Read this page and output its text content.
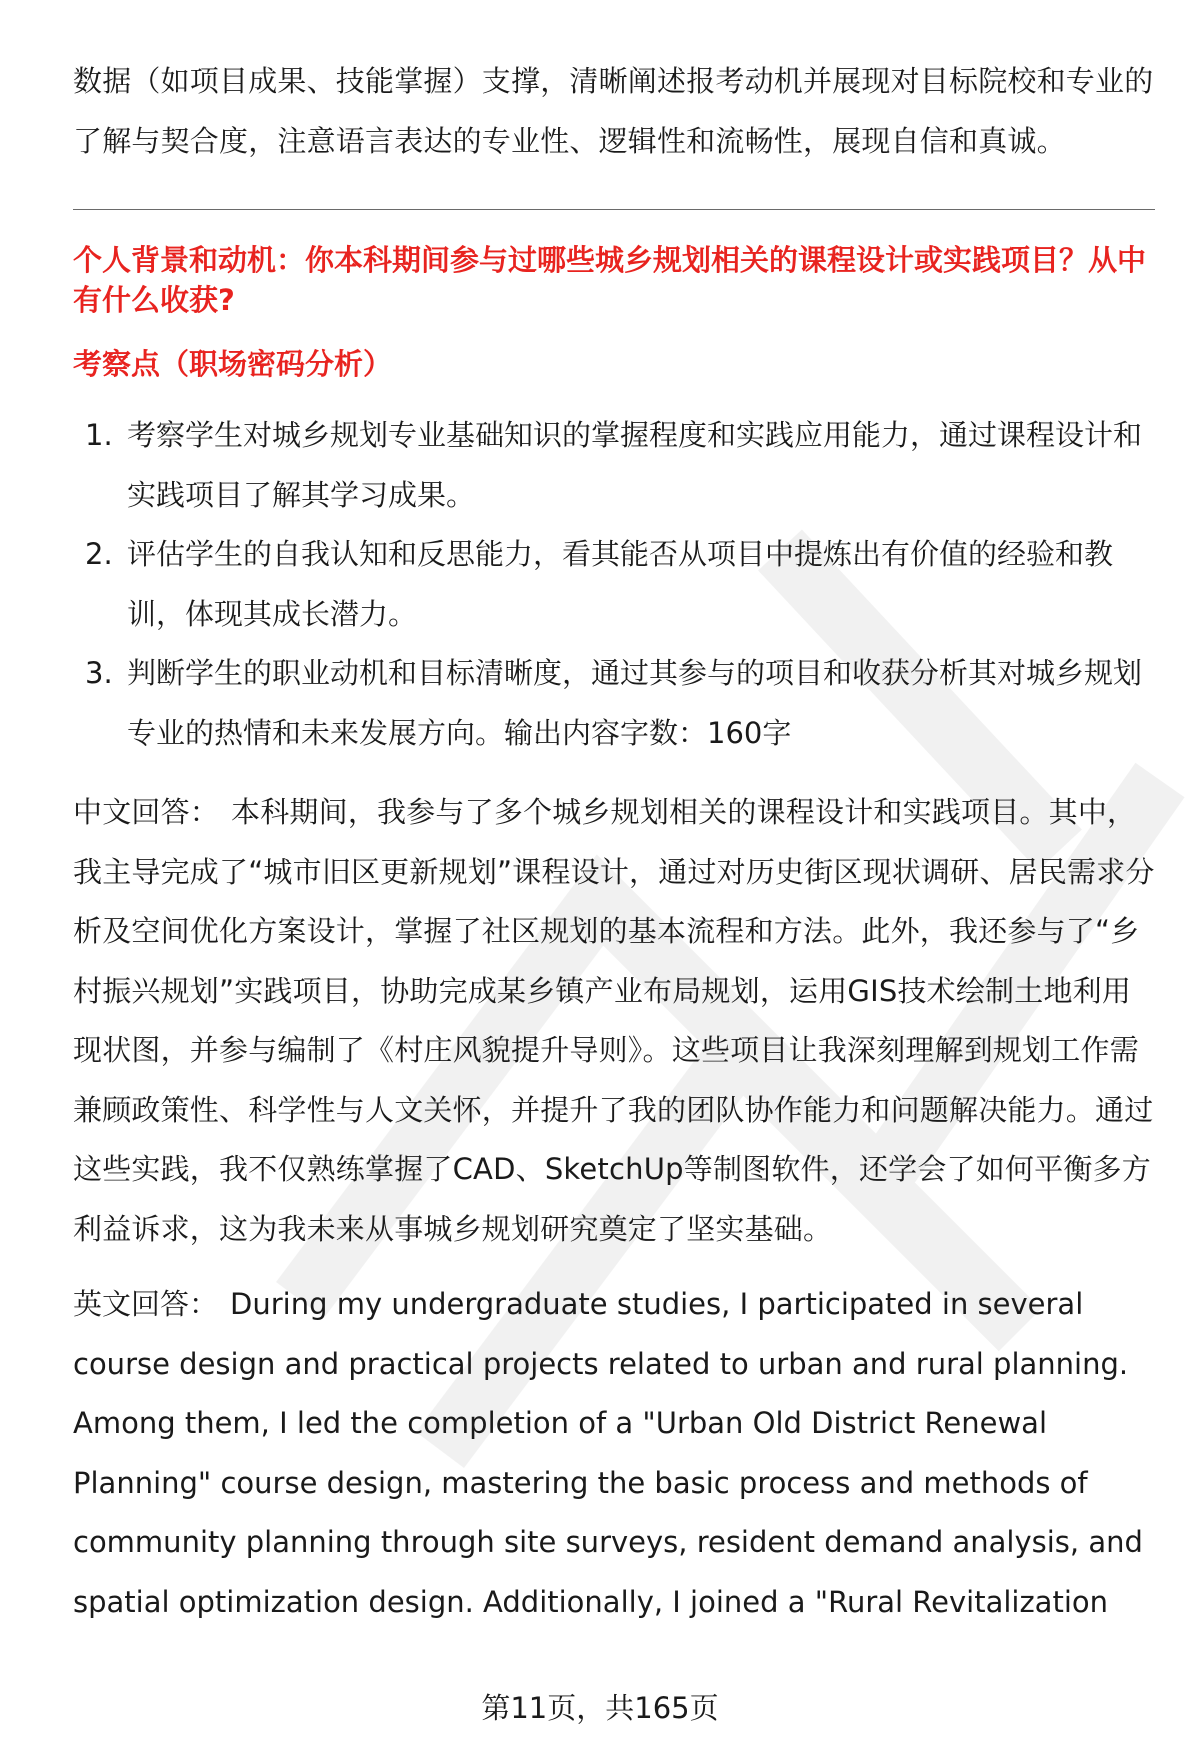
数据（如项目成果、技能掌握）支撑，清晰阐述报考动机并展现对目标院校和专业的了解与契合度，注意语言表达的专业性、逻辑性和流畅性，展现自信和真诚。

个人背景和动机：你本科期间参与过哪些城乡规划相关的课程设计或实践项目？从中有什么收获?
考察点（职场密码分析）
1. 考察学生对城乡规划专业基础知识的掌握程度和实践应用能力，通过课程设计和实践项目了解其学习成果。
2. 评估学生的自我认知和反思能力，看其能否从项目中提炼出有价值的经验和教训，体现其成长潜力。
3. 判断学生的职业动机和目标清晰度，通过其参与的项目和收获分析其对城乡规划专业的热情和未来发展方向。输出内容字数：160字

中文回答： 本科期间，我参与了多个城乡规划相关的课程设计和实践项目。其中，我主导完成了“城市旧区更新规划”课程设计，通过对历史街区现状调研、居民需求分析及空间优化方案设计，掌握了社区规划的基本流程和方法。此外，我还参与了“乡村振兴规划”实践项目，协助完成某乡镇产业布局规划，运用GIS技术绘制土地利用现状图，并参与编制了《村庄风貌提升导则》。这些项目让我深刻理解到规划工作需兼顾政策性、科学性与人文关怀，并提升了我的团队协作能力和问题解决能力。通过这些实践，我不仅熟练掌握了CAD、SketchUp等制图软件，还学会了如何平衡多方利益诉求，这为我未来从事城乡规划研究奠定了坚实基础。

英文回答： During my undergraduate studies, I participated in several course design and practical projects related to urban and rural planning. Among them, I led the completion of a "Urban Old District Renewal Planning" course design, mastering the basic process and methods of community planning through site surveys, resident demand analysis, and spatial optimization design. Additionally, I joined a "Rural Revitalization

第11页，共165页
